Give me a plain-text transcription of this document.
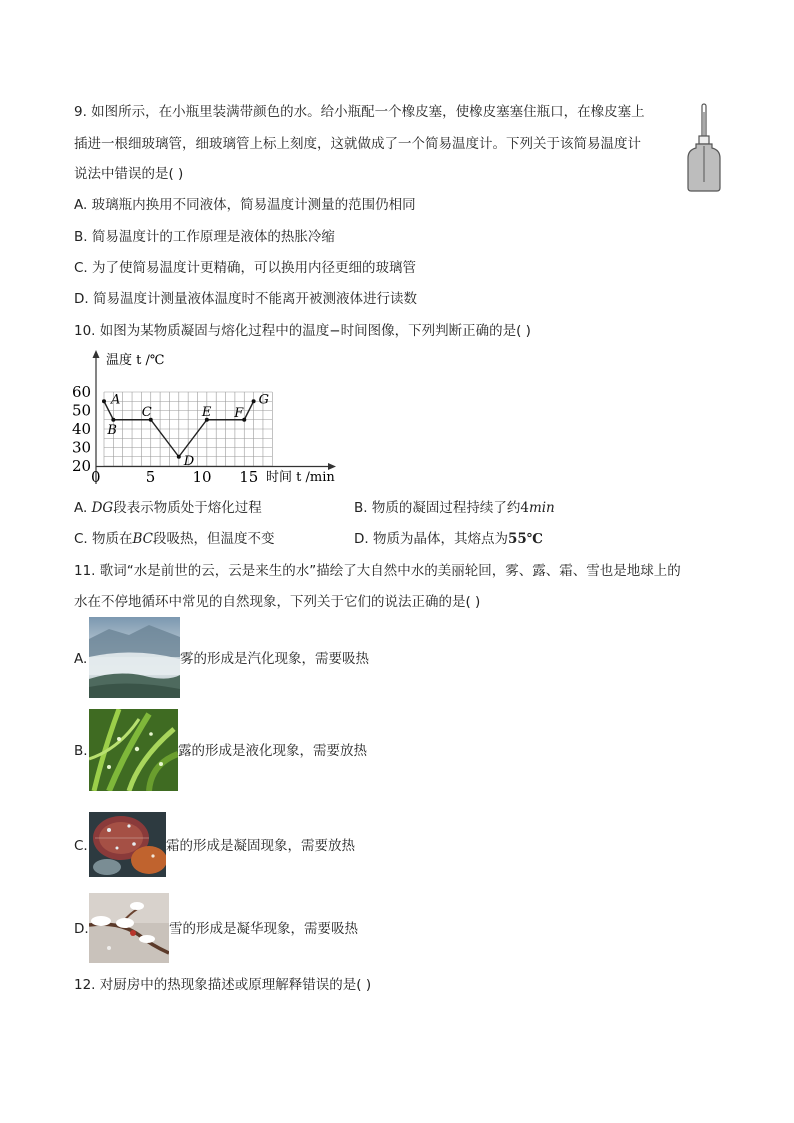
9. 如图所示，在小瓶里装满带颜色的水。给小瓶配一个橡皮塞，使橡皮塞塞住瓶口，在橡皮塞上
插进一根细玻璃管，细玻璃管上标上刻度，这就做成了一个简易温度计。下列关于该简易温度计
说法中错误的是( )
A. 玻璃瓶内换用不同液体，简易温度计测量的范围仍相同
B. 简易温度计的工作原理是液体的热胀冷缩
C. 为了使简易温度计更精确，可以换用内径更细的玻璃管
D. 简易温度计测量液体温度时不能离开被测液体进行读数
10. 如图为某物质凝固与熔化过程中的温度−时间图像，下列判断正确的是( )
20
30
40
50
60
0	5 10 15
温度 t /℃
时间 t /min
A
B
C
D
E F
G
A. DG段表示物质处于熔化过程	B. 物质的凝固过程持续了约4min
C. 物质在BC段吸热，但温度不变	D. 物质为晶体，其熔点为55℃
11. 歌词“水是前世的云，云是来生的水”描绘了大自然中水的美丽轮回，雾、露、霜、雪也是地球上的
水在不停地循环中常见的自然现象，下列关于它们的说法正确的是( )
A.	雾的形成是汽化现象，需要吸热
B.	露的形成是液化现象，需要放热
C.	霜的形成是凝固现象，需要放热
D.	雪的形成是凝华现象，需要吸热
12. 对厨房中的热现象描述或原理解释错误的是( )
